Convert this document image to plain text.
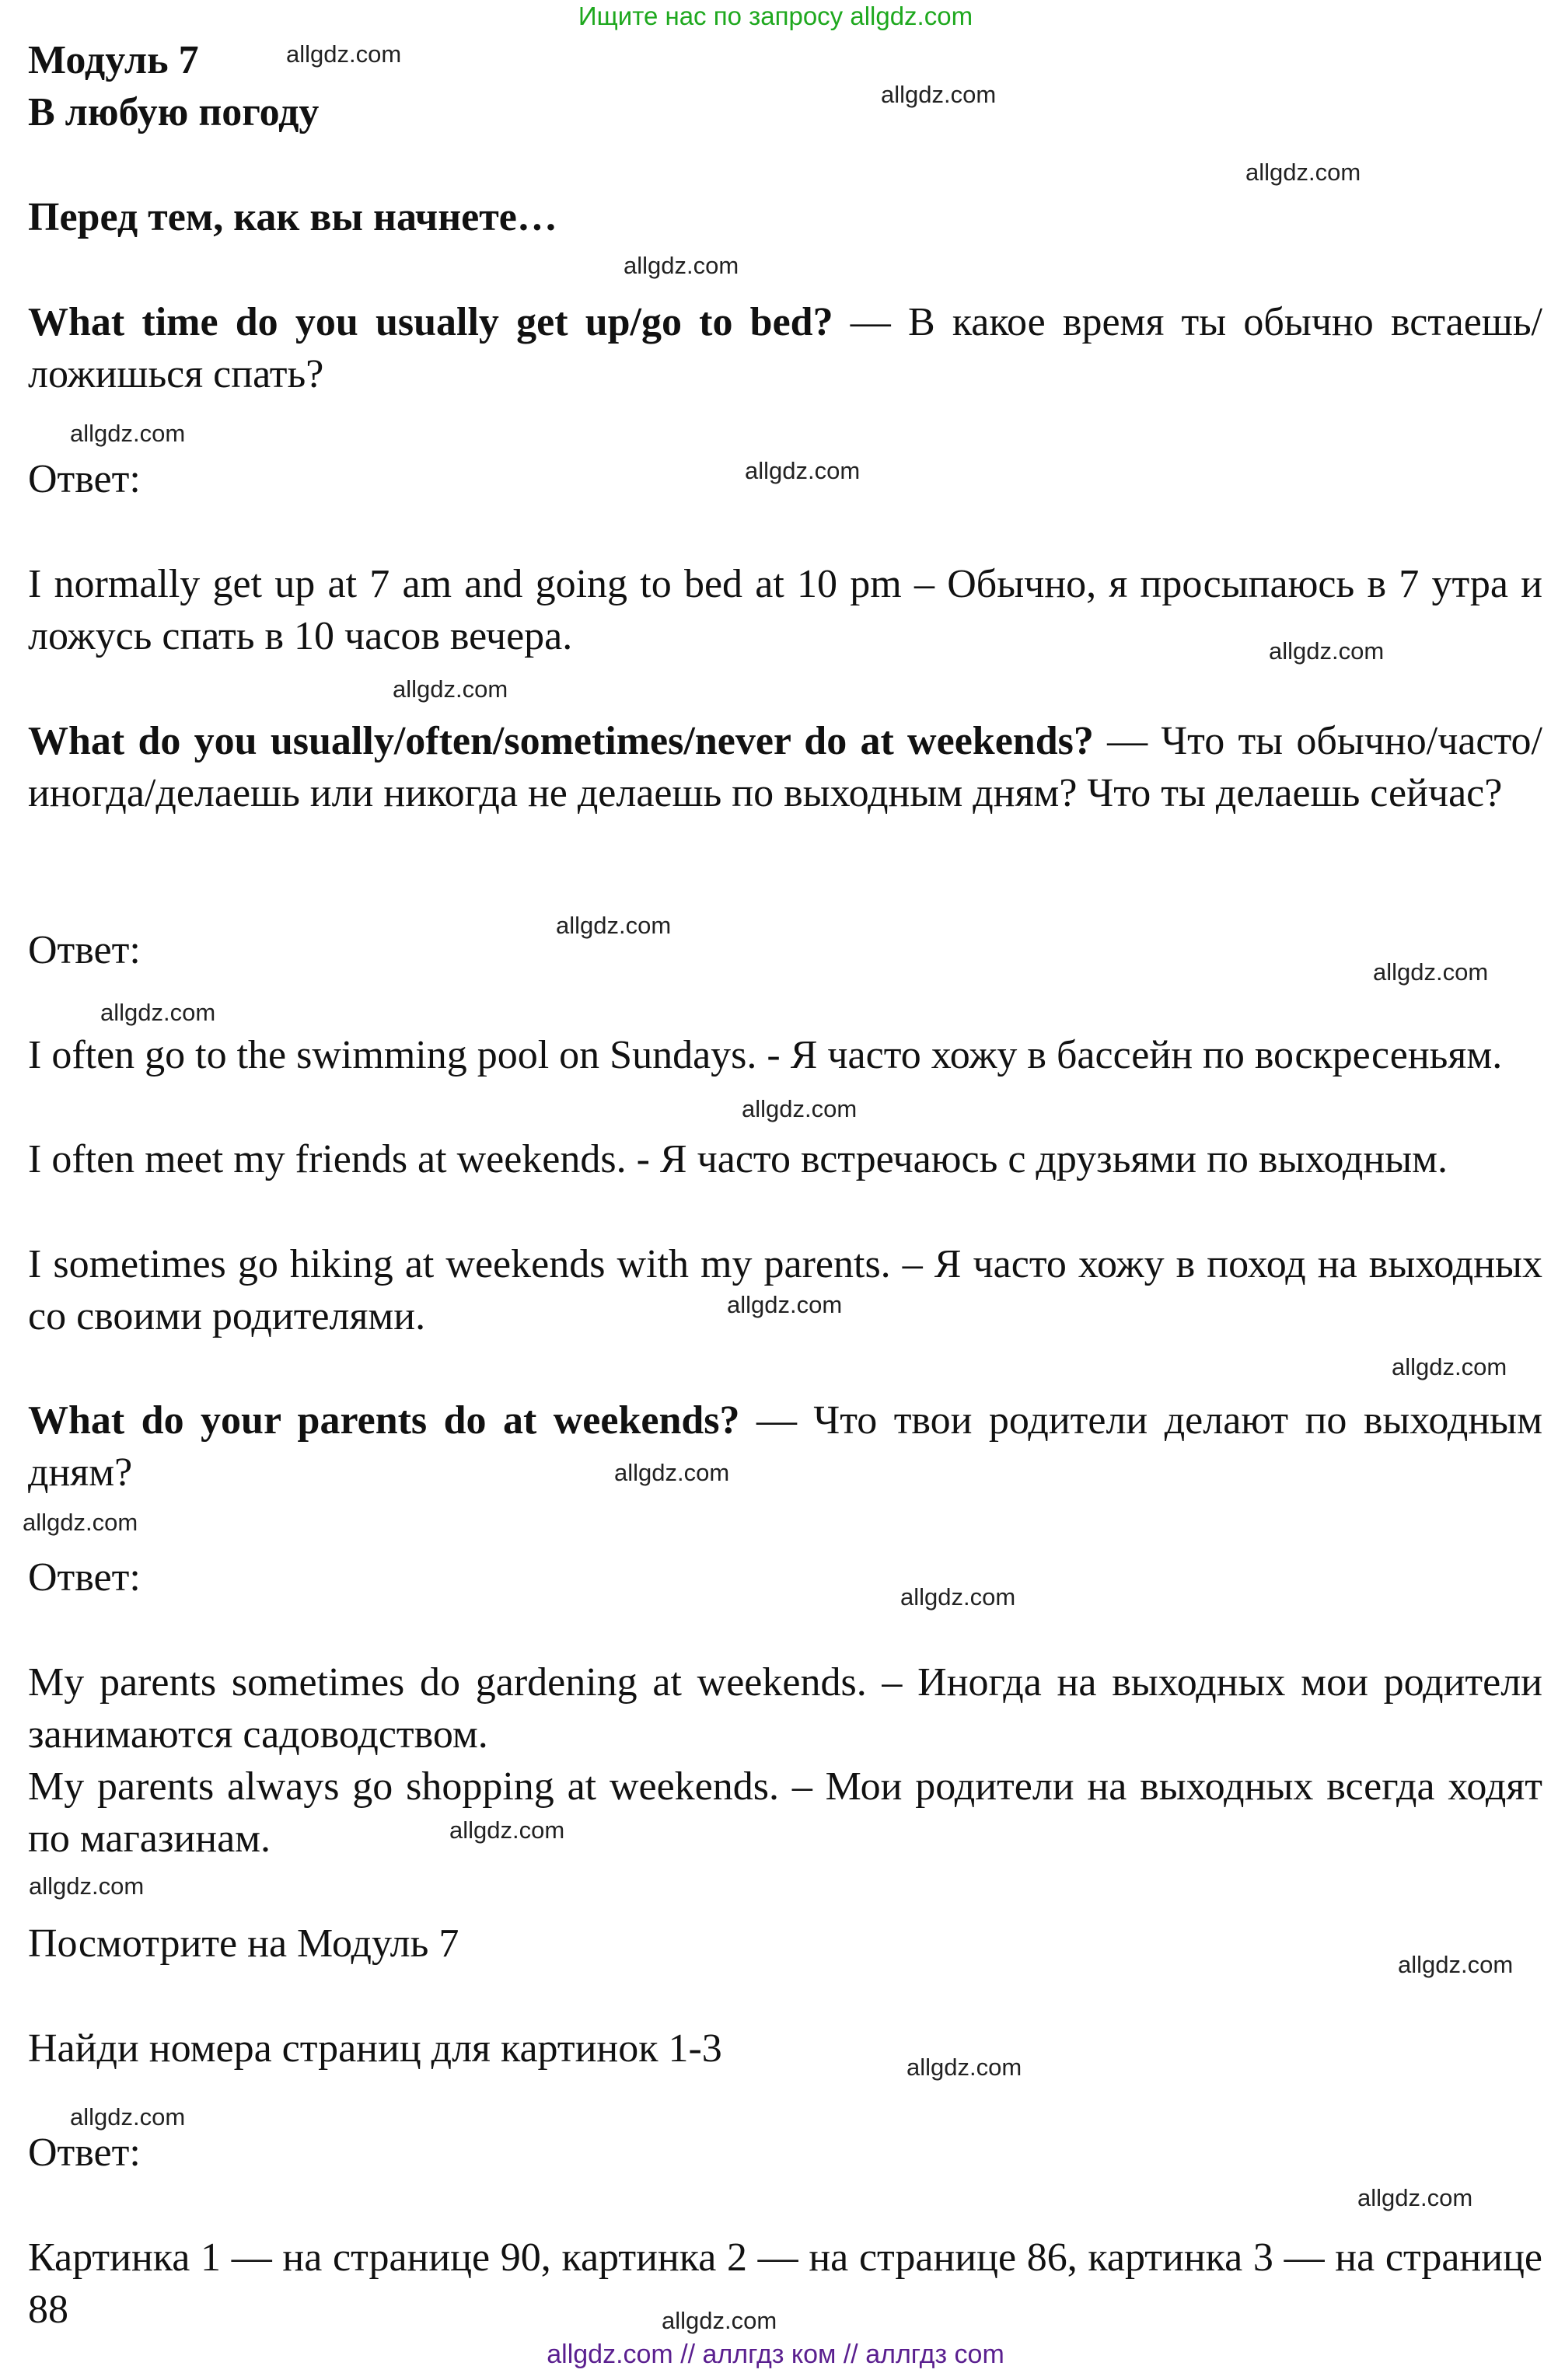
Ищите нас по запросу allgdz.com
Модуль 7
В любую погоду
Перед тем, как вы начнете…
What time do you usually get up/go to bed? — В какое время ты обычно встаешь/ложишься спать?
Ответ:
I normally get up at 7 am and going to bed at 10 pm – Обычно, я просыпаюсь в 7 утра и ложусь спать в 10 часов вечера.
What do you usually/often/sometimes/never do at weekends? — Что ты обычно/часто/иногда/делаешь или никогда не делаешь по выходным дням? Что ты делаешь сейчас?
Ответ:
I often go to the swimming pool on Sundays. - Я часто хожу в бассейн по воскресеньям.
I often meet my friends at weekends. - Я часто встречаюсь с друзьями по выходным.
I sometimes go hiking at weekends with my parents. – Я часто хожу в поход на выходных со своими родителями.
What do your parents do at weekends? — Что твои родители делают по выходным дням?
Ответ:
My parents sometimes do gardening at weekends. – Иногда на выходных мои родители занимаются садоводством.
My parents always go shopping at weekends. – Мои родители на выходных всегда ходят по магазинам.
Посмотрите на Модуль 7
Найди номера страниц для картинок 1-3
Ответ:
Картинка 1 — на странице 90, картинка 2 — на странице 86, картинка 3 — на странице 88
allgdz.com
allgdz.com
allgdz.com
allgdz.com
allgdz.com
allgdz.com
allgdz.com
allgdz.com
allgdz.com
allgdz.com
allgdz.com
allgdz.com
allgdz.com
allgdz.com
allgdz.com
allgdz.com
allgdz.com
allgdz.com
allgdz.com
allgdz.com
allgdz.com
allgdz.com
allgdz.com
allgdz.com
allgdz.com // аллгдз ком // аллгдз com
